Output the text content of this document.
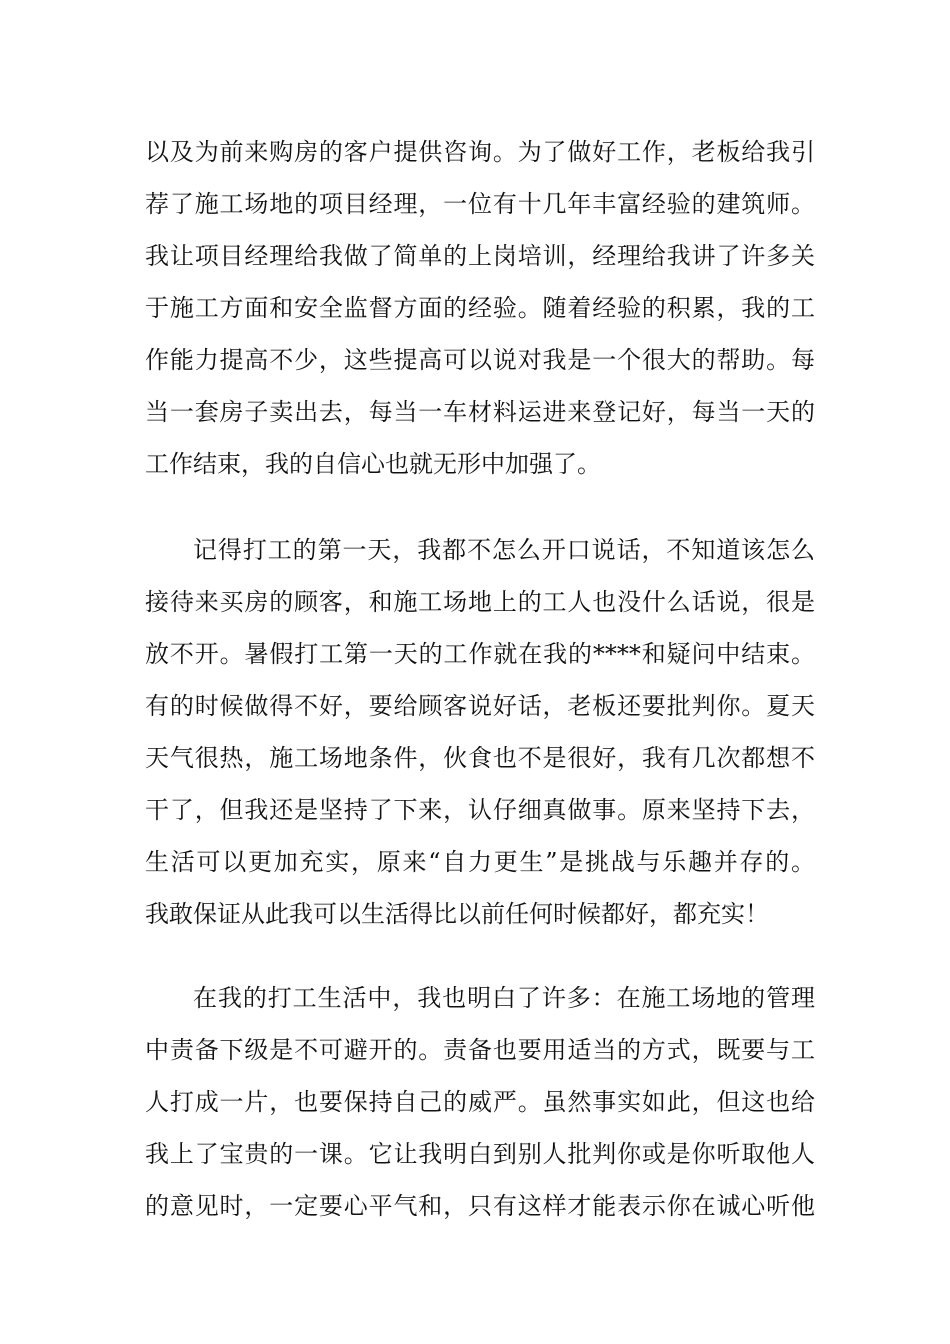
以及为前来购房的客户提供咨询。为了做好工作，老板给我引
荐了施工场地的项目经理，一位有十几年丰富经验的建筑师。
我让项目经理给我做了简单的上岗培训，经理给我讲了许多关
于施工方面和安全监督方面的经验。随着经验的积累，我的工
作能力提高不少，这些提高可以说对我是一个很大的帮助。每
当一套房子卖出去，每当一车材料运进来登记好，每当一天的
工作结束，我的自信心也就无形中加强了。
记得打工的第一天，我都不怎么开口说话，不知道该怎么
接待来买房的顾客，和施工场地上的工人也没什么话说，很是
放不开。暑假打工第一天的工作就在我的****和疑问中结束。
有的时候做得不好，要给顾客说好话，老板还要批判你。夏天
天气很热，施工场地条件，伙食也不是很好，我有几次都想不
干了，但我还是坚持了下来，认仔细真做事。原来坚持下去，
生活可以更加充实，原来“自力更生”是挑战与乐趣并存的。
我敢保证从此我可以生活得比以前任何时候都好，都充实！
在我的打工生活中，我也明白了许多：在施工场地的管理
中责备下级是不可避开的。责备也要用适当的方式，既要与工
人打成一片，也要保持自己的威严。虽然事实如此，但这也给
我上了宝贵的一课。它让我明白到别人批判你或是你听取他人
的意见时，一定要心平气和，只有这样才能表示你在诚心听他
